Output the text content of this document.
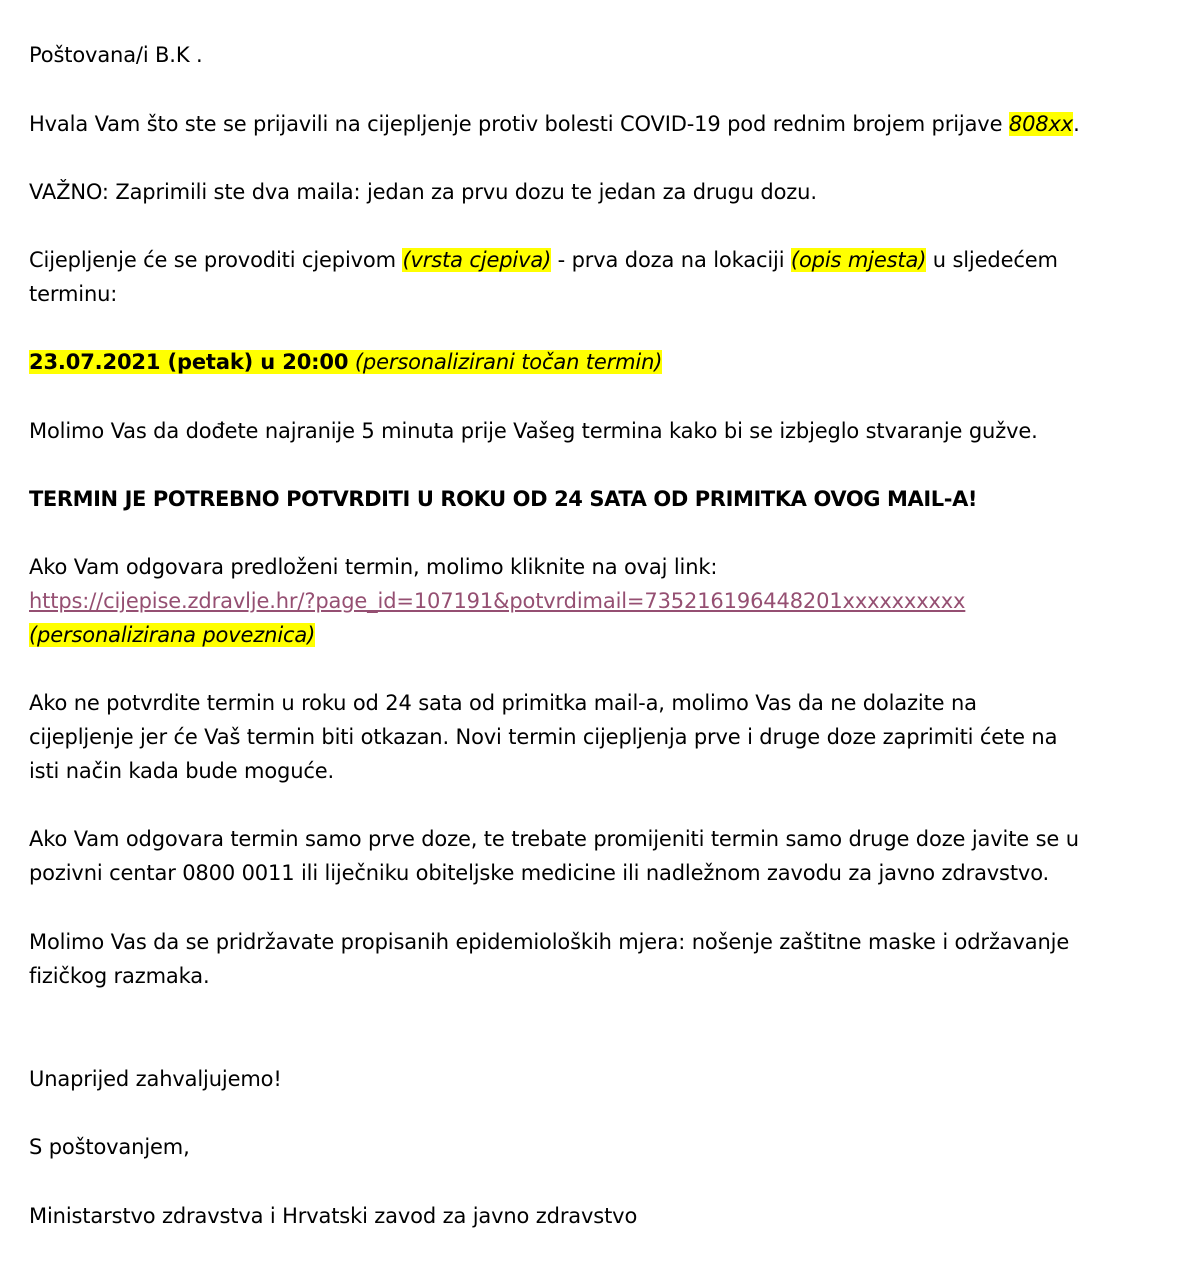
Poštovana/i B.K .
Hvala Vam što ste se prijavili na cijepljenje protiv bolesti COVID-19 pod rednim brojem prijave 808xx.
VAŽNO: Zaprimili ste dva maila: jedan za prvu dozu te jedan za drugu dozu.
Cijepljenje će se provoditi cjepivom (vrsta cjepiva) - prva doza na lokaciji (opis mjesta) u sljedećem
terminu:
23.07.2021 (petak) u 20:00 (personalizirani točan termin)
Molimo Vas da dođete najranije 5 minuta prije Vašeg termina kako bi se izbjeglo stvaranje gužve.
TERMIN JE POTREBNO POTVRDITI U ROKU OD 24 SATA OD PRIMITKA OVOG MAIL-A!
Ako Vam odgovara predloženi termin, molimo kliknite na ovaj link:
https://cijepise.zdravlje.hr/?page_id=107191&potvrdimail=735216196448201xxxxxxxxxx
(personalizirana poveznica)
Ako ne potvrdite termin u roku od 24 sata od primitka mail-a, molimo Vas da ne dolazite na
cijepljenje jer će Vaš termin biti otkazan. Novi termin cijepljenja prve i druge doze zaprimiti ćete na
isti način kada bude moguće.
Ako Vam odgovara termin samo prve doze, te trebate promijeniti termin samo druge doze javite se u
pozivni centar 0800 0011 ili liječniku obiteljske medicine ili nadležnom zavodu za javno zdravstvo.
Molimo Vas da se pridržavate propisanih epidemioloških mjera: nošenje zaštitne maske i održavanje
fizičkog razmaka.
Unaprijed zahvaljujemo!
S poštovanjem,
Ministarstvo zdravstva i Hrvatski zavod za javno zdravstvo
